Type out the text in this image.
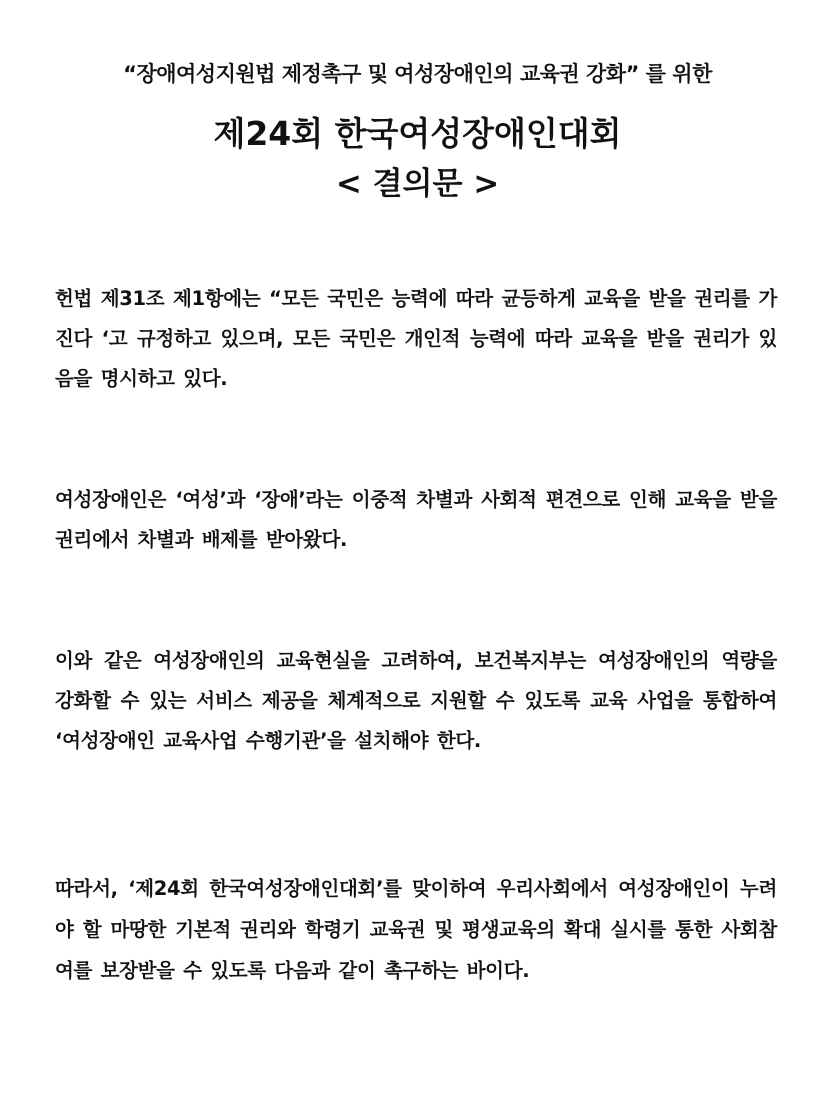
“장애여성지원법 제정촉구 및 여성장애인의 교육권 강화” 를 위한
제24회 한국여성장애인대회
< 결의문 >

헌법 제31조 제1항에는 “모든 국민은 능력에 따라 균등하게 교육을 받을 권리를 가진다 ‘고 규정하고 있으며, 모든 국민은 개인적 능력에 따라 교육을 받을 권리가 있음을 명시하고 있다.

여성장애인은 ‘여성’과 ‘장애’라는 이중적 차별과 사회적 편견으로 인해 교육을 받을 권리에서 차별과 배제를 받아왔다.

이와 같은 여성장애인의 교육현실을 고려하여, 보건복지부는 여성장애인의 역량을 강화할 수 있는 서비스 제공을 체계적으로 지원할 수 있도록 교육 사업을 통합하여 ‘여성장애인 교육사업 수행기관’을 설치해야 한다.

따라서, ‘제24회 한국여성장애인대회’를 맞이하여 우리사회에서 여성장애인이 누려야 할 마땅한 기본적 권리와 학령기 교육권 및 평생교육의 확대 실시를 통한 사회참여를 보장받을 수 있도록 다음과 같이 촉구하는 바이다.
